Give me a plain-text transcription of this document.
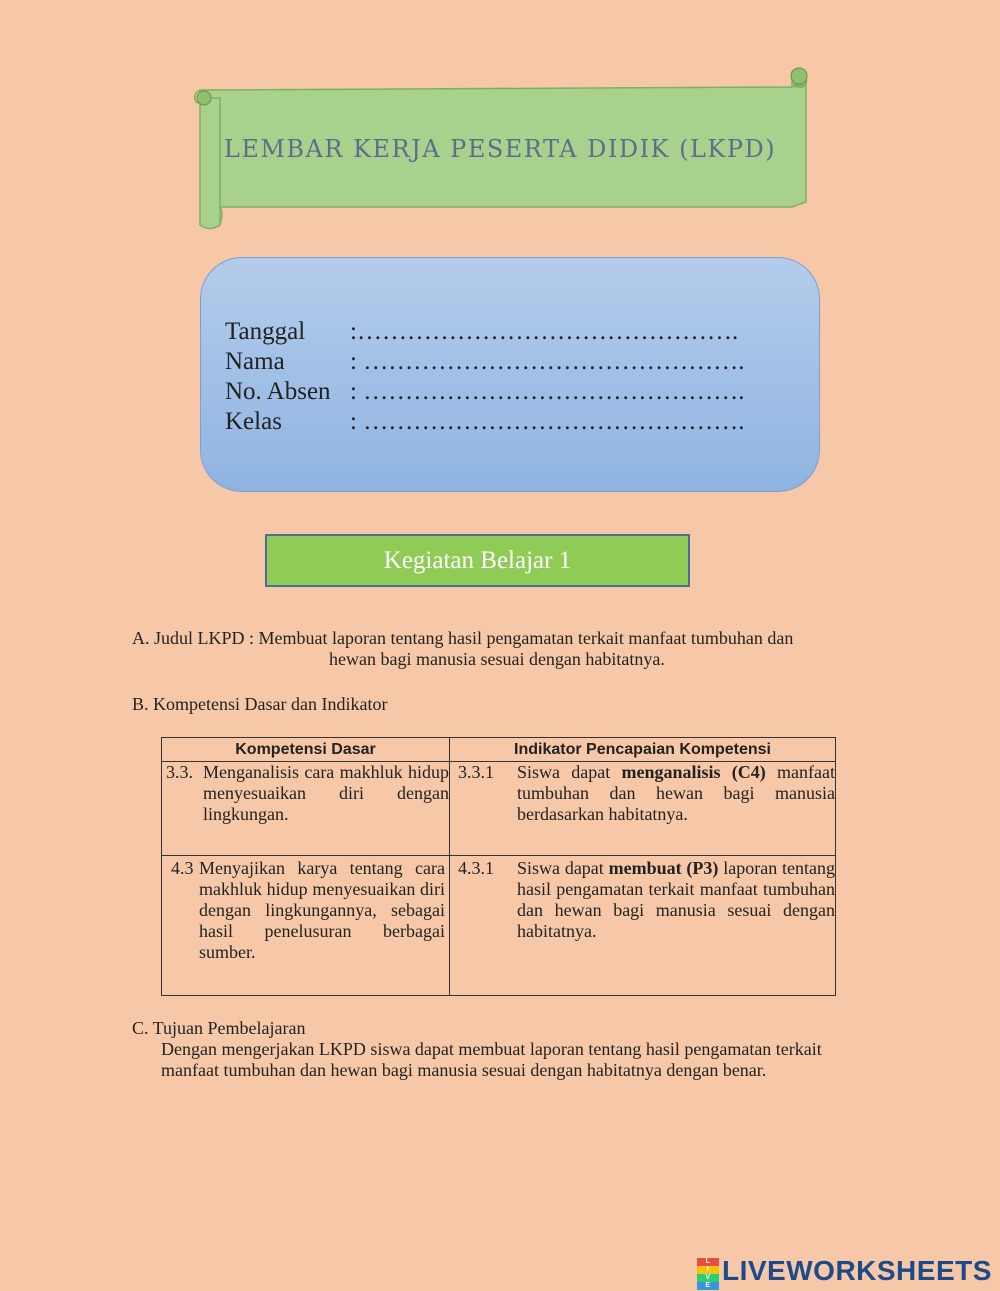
LEMBAR KERJA PESERTA DIDIK (LKPD)
Tanggal :……………………………………….
Nama	: ……………………………………….
No. Absen : ……………………………………….
Kelas	: ……………………………………….
Kegiatan Belajar 1
A. Judul LKPD : Membuat laporan tentang hasil pengamatan terkait manfaat tumbuhan dan
hewan bagi manusia sesuai dengan habitatnya.
B. Kompetensi Dasar dan Indikator
Kompetensi Dasar	Indikator Pencapaian Kompetensi

3.3. Menganalisis cara makhluk hidup menyesuaikan diri dengan lingkungan.	3.3.1 Siswa dapat menganalisis (C4) manfaat tumbuhan dan hewan bagi manusia berdasarkan habitatnya.

4.3 Menyajikan karya tentang cara makhluk hidup menyesuaikan diri dengan lingkungannya, sebagai hasil penelusuran berbagai sumber.	4.3.1 Siswa dapat membuat (P3) laporan tentang hasil pengamatan terkait manfaat tumbuhan dan hewan bagi manusia sesuai dengan habitatnya.
C. Tujuan Pembelajaran
Dengan mengerjakan LKPD siswa dapat membuat laporan tentang hasil pengamatan terkait manfaat tumbuhan dan hewan bagi manusia sesuai dengan habitatnya dengan benar.
L
I
V
E LIVEWORKSHEETS
